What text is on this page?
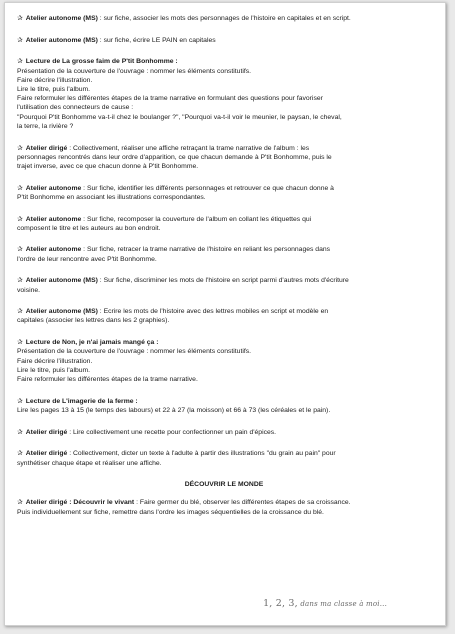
✰ Atelier autonome (MS) : sur fiche, associer les mots des personnages de l'histoire en capitales et en script.
✰ Atelier autonome (MS) : sur fiche, écrire LE PAIN en capitales
✰ Lecture de La grosse faim de P'tit Bonhomme :
Présentation de la couverture de l'ouvrage : nommer les éléments constitutifs.
Faire décrire l'illustration.
Lire le titre, puis l'album.
Faire reformuler les différentes étapes de la trame narrative en formulant des questions pour favoriser
l'utilisation des connecteurs de cause :
"Pourquoi P'tit Bonhomme va-t-il chez le boulanger ?", "Pourquoi va-t-il voir le meunier, le paysan, le cheval,
la terre, la rivière ?
✰ Atelier dirigé : Collectivement, réaliser une affiche retraçant la trame narrative de l'album : les
personnages rencontrés dans leur ordre d'apparition, ce que chacun demande à P'tit Bonhomme, puis le
trajet inverse, avec ce que chacun donne à P'tit Bonhomme.
✰ Atelier autonome : Sur fiche, identifier les différents personnages et retrouver ce que chacun donne à
P'tit Bonhomme en associant les illustrations correspondantes.
✰ Atelier autonome : Sur fiche, recomposer la couverture de l'album en collant les étiquettes qui
composent le titre et les auteurs au bon endroit.
✰ Atelier autonome : Sur fiche, retracer la trame narrative de l'histoire en reliant les personnages dans
l'ordre de leur rencontre avec P'tit Bonhomme.
✰ Atelier autonome (MS) : Sur fiche, discriminer les mots de l'histoire en script parmi d'autres mots d'écriture
voisine.
✰ Atelier autonome (MS) : Ecrire les mots de l'histoire avec des lettres mobiles en script et modèle en
capitales (associer les lettres dans les 2 graphies).
✰ Lecture de Non, je n'ai jamais mangé ça :
Présentation de la couverture de l'ouvrage : nommer les éléments constitutifs.
Faire décrire l'illustration.
Lire le titre, puis l'album.
Faire reformuler les différentes étapes de la trame narrative.
✰ Lecture de L'imagerie de la ferme :
Lire les pages 13 à 15 (le temps des labours) et 22 à 27 (la moisson) et 66 à 73 (les céréales et le pain).
✰ Atelier dirigé : Lire collectivement une recette pour confectionner un pain d'épices.
✰ Atelier dirigé : Collectivement, dicter un texte à l'adulte à partir des illustrations "du grain au pain" pour
synthétiser chaque étape et réaliser une affiche.
DÉCOUVRIR LE MONDE
✰ Atelier dirigé : Découvrir le vivant : Faire germer du blé, observer les différentes étapes de sa croissance.
Puis individuellement sur fiche, remettre dans l'ordre les images séquentielles de la croissance du blé.
1, 2, 3, dans ma classe à moi...
